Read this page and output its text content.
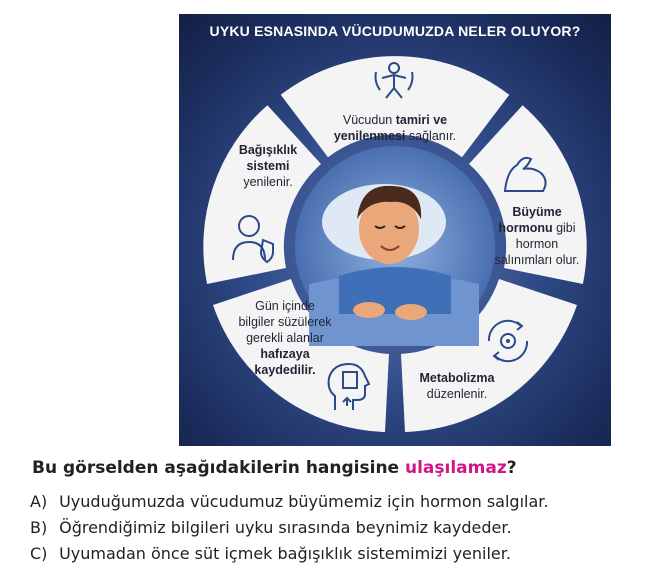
UYKU ESNASINDA VÜCUDUMUZDA NELER OLUYOR?
Vücudun tamiri ve
yenilenmesi sağlanır.
Bağışıklık
sistemi
yenilenir.
Büyüme
hormonu gibi
hormon
salınımları olur.
Gün içinde
bilgiler süzülerek
gerekli alanlar
hafızaya
kaydedilir.
Metabolizma
düzenlenir.
Bu görselden aşağıdakilerin hangisine ulaşılamaz?
A) Uyuduğumuzda vücudumuz büyümemiz için hormon salgılar.
B) Öğrendiğimiz bilgileri uyku sırasında beynimiz kaydeder.
C) Uyumadan önce süt içmek bağışıklık sistemimizi yeniler.
